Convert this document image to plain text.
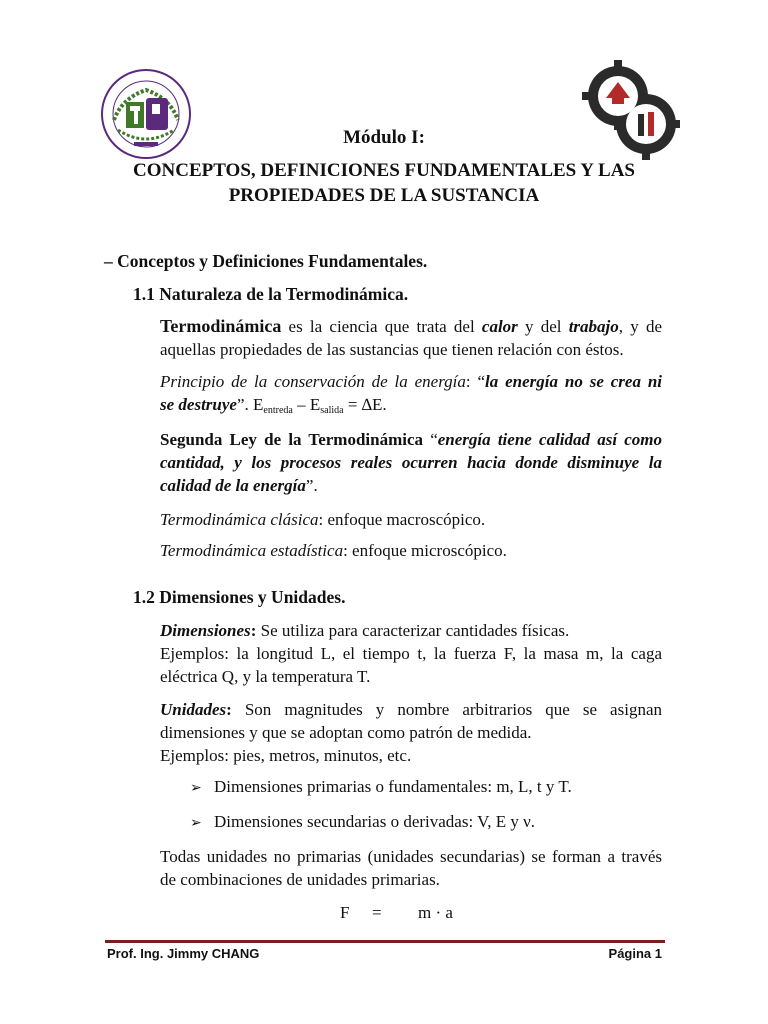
Módulo I:
CONCEPTOS, DEFINICIONES FUNDAMENTALES Y LAS
PROPIEDADES DE LA SUSTANCIA
– Conceptos y Definiciones Fundamentales.
1.1 Naturaleza de la Termodinámica.
Termodinámica es la ciencia que trata del calor y del trabajo, y de
aquellas propiedades de las sustancias que tienen relación con éstos.
Principio de la conservación de la energía: “la energía no se crea ni
se destruye”. $E_{entreda} - E_{salida} = \Delta E$.
Segunda Ley de la Termodinámica “energía tiene calidad así como
cantidad, y los procesos reales ocurren hacia donde disminuye la
calidad de la energía”.
Termodinámica clásica: enfoque macroscópico.
Termodinámica estadística: enfoque microscópico.
1.2 Dimensiones y Unidades.
Dimensiones: Se utiliza para caracterizar cantidades físicas.
Ejemplos: la longitud L, el tiempo t, la fuerza F, la masa m, la caga
eléctrica Q, y la temperatura T.
Unidades: Son magnitudes y nombre arbitrarios que se asignan
dimensiones y que se adoptan como patrón de medida.
Ejemplos: pies, metros, minutos, etc.
➢ Dimensiones primarias o fundamentales: m, L, t y T.
➢ Dimensiones secundarias o derivadas: V, E y ν.
Todas unidades no primarias (unidades secundarias) se forman a través
de combinaciones de unidades primarias.
F = m · a
Prof. Ing. Jimmy CHANG	Página 1
